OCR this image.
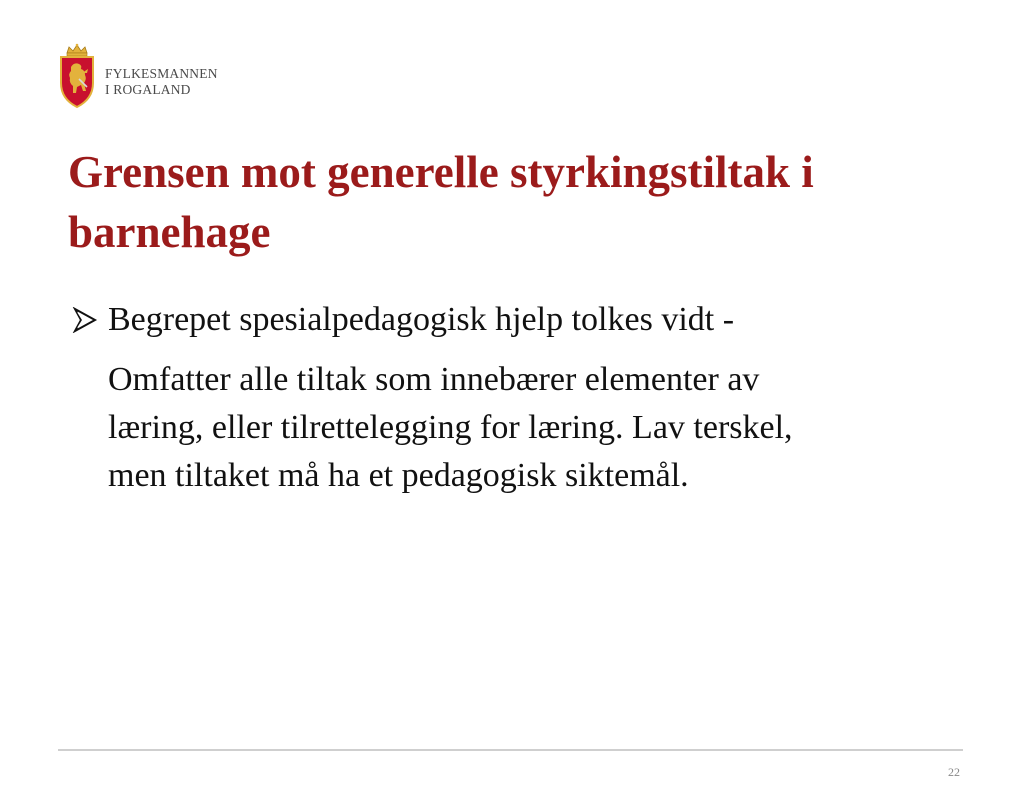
FYLKESMANNEN
I ROGALAND
Grensen mot generelle styrkingstiltak i
barnehage
Begrepet spesialpedagogisk hjelp tolkes vidt -
Omfatter alle tiltak som innebærer elementer av
læring, eller tilrettelegging for læring. Lav terskel,
men tiltaket må ha et pedagogisk siktemål.
22
